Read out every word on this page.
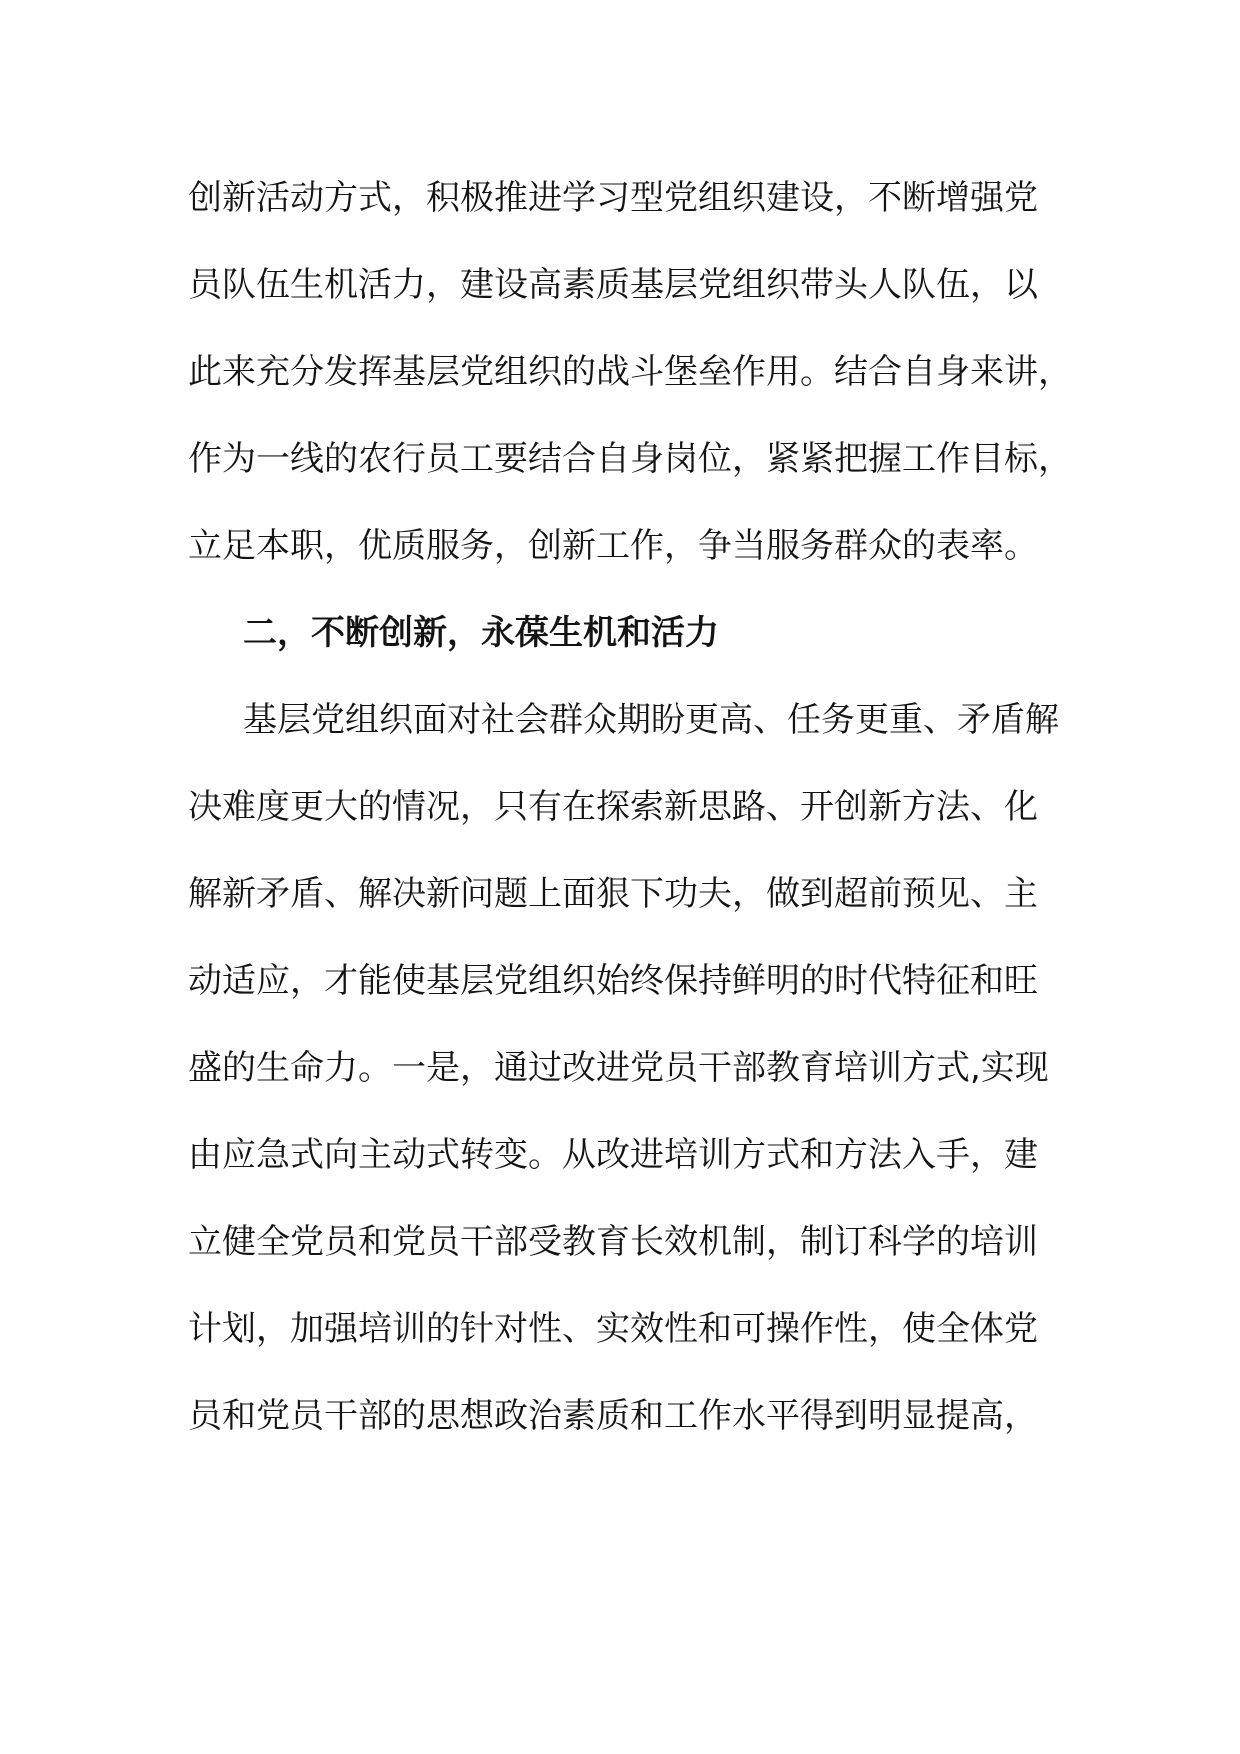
创新活动方式，积极推进学习型党组织建设，不断增强党
员队伍生机活力，建设高素质基层党组织带头人队伍，以
此来充分发挥基层党组织的战斗堡垒作用。结合自身来讲，
作为一线的农行员工要结合自身岗位，紧紧把握工作目标，
立足本职，优质服务，创新工作，争当服务群众的表率。
二，不断创新，永葆生机和活力
基层党组织面对社会群众期盼更高、任务更重、矛盾解
决难度更大的情况，只有在探索新思路、开创新方法、化
解新矛盾、解决新问题上面狠下功夫，做到超前预见、主
动适应，才能使基层党组织始终保持鲜明的时代特征和旺
盛的生命力。一是，通过改进党员干部教育培训方式,实现
由应急式向主动式转变。从改进培训方式和方法入手，建
立健全党员和党员干部受教育长效机制，制订科学的培训
计划，加强培训的针对性、实效性和可操作性，使全体党
员和党员干部的思想政治素质和工作水平得到明显提高，
